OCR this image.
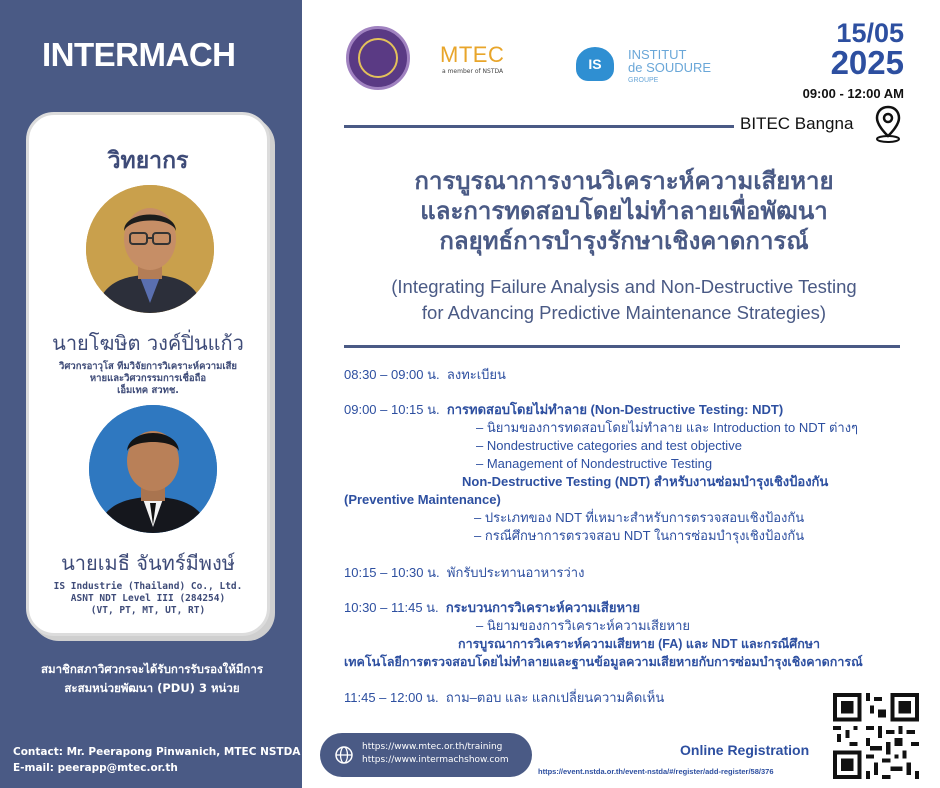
INTERMACH
วิทยากร
นายโฆษิต วงค์ปิ่นแก้ว
วิศวกรอาวุโส ทีมวิจัยการวิเคราะห์ความเสีย
หายและวิศวกรรมการเชื่อถือ
เอ็มเทค สวทช.
นายเมธี จันทร์มีพงษ์
IS Industrie (Thailand) Co., Ltd.
ASNT NDT Level III (284254)
(VT, PT, MT, UT, RT)
สมาชิกสภาวิศวกรจะได้รับการรับรองให้มีการ
สะสมหน่วยพัฒนา (PDU) 3 หน่วย
Contact: Mr. Peerapong Pinwanich, MTEC NSTDA
E-mail: peerapp@mtec.or.th
https://www.mtec.or.th/training
https://www.intermachshow.com
MTEC
a member of NSTDA	IS
INSTITUT
de SOUDURE
GROUPE
15/05
2025
09:00 - 12:00 AM
BITEC Bangna
การบูรณาการงานวิเคราะห์ความเสียหาย
และการทดสอบโดยไม่ทำลายเพื่อพัฒนา
กลยุทธ์การบำรุงรักษาเชิงคาดการณ์
(Integrating Failure Analysis and Non-Destructive Testing
for Advancing Predictive Maintenance Strategies)
08:30 – 09:00 น. ลงทะเบียน
09:00 – 10:15 น. การทดสอบโดยไม่ทำลาย (Non-Destructive Testing: NDT)
– นิยามของการทดสอบโดยไม่ทำลาย และ Introduction to NDT ต่างๆ
– Nondestructive categories and test objective
– Management of Nondestructive Testing
Non-Destructive Testing (NDT) สำหรับงานซ่อมบำรุงเชิงป้องกัน
(Preventive Maintenance)
– ประเภทของ NDT ที่เหมาะสำหรับการตรวจสอบเชิงป้องกัน
– กรณีศึกษาการตรวจสอบ NDT ในการซ่อมบำรุงเชิงป้องกัน
10:15 – 10:30 น. พักรับประทานอาหารว่าง
10:30 – 11:45 น. กระบวนการวิเคราะห์ความเสียหาย
– นิยามของการวิเคราะห์ความเสียหาย
การบูรณาการวิเคราะห์ความเสียหาย (FA) และ NDT และกรณีศึกษา
เทคโนโลยีการตรวจสอบโดยไม่ทำลายและฐานข้อมูลความเสียหายกับการซ่อมบำรุงเชิงคาดการณ์
11:45 – 12:00 น. ถาม–ตอบ และ แลกเปลี่ยนความคิดเห็น
Online Registration
https://event.nstda.or.th/event-nstda/#/register/add-register/58/376
